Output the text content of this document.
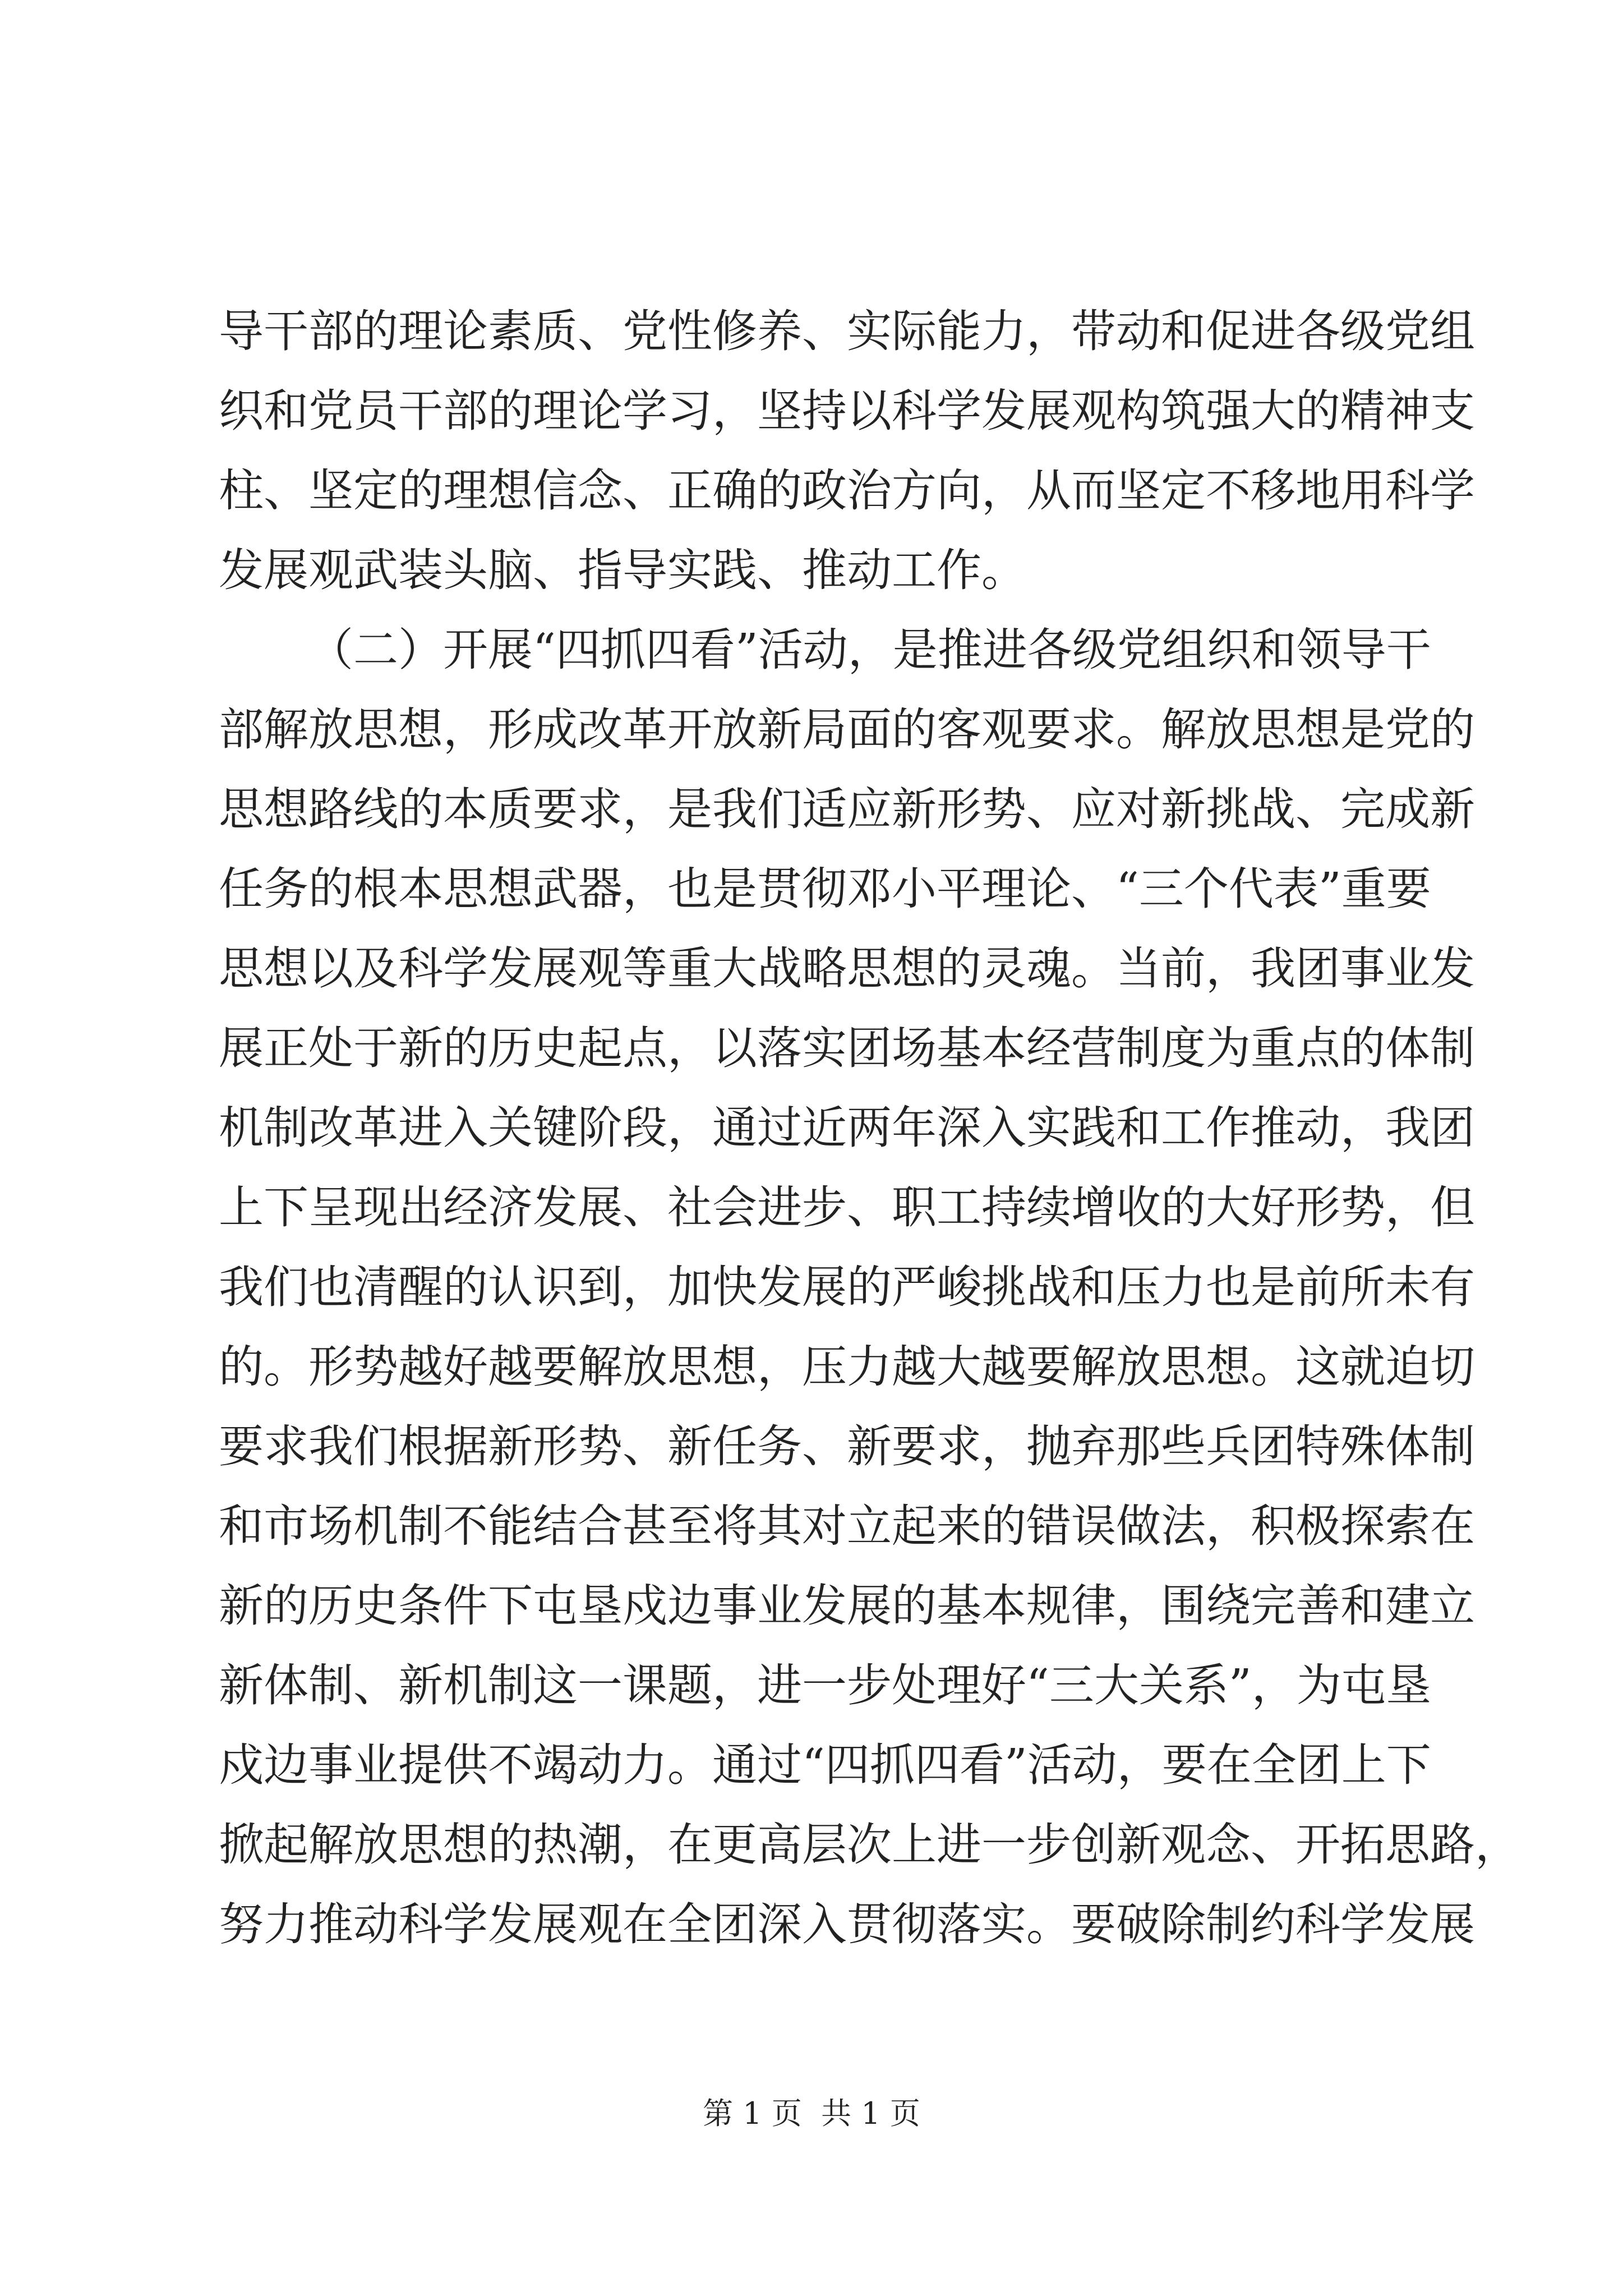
导干部的理论素质、党性修养、实际能力，带动和促进各级党组
织和党员干部的理论学习，坚持以科学发展观构筑强大的精神支
柱、坚定的理想信念、正确的政治方向，从而坚定不移地用科学
发展观武装头脑、指导实践、推动工作。
（二）开展“四抓四看”活动，是推进各级党组织和领导干
部解放思想，形成改革开放新局面的客观要求。解放思想是党的
思想路线的本质要求，是我们适应新形势、应对新挑战、完成新
任务的根本思想武器，也是贯彻邓小平理论、“三个代表”重要
思想以及科学发展观等重大战略思想的灵魂。当前，我团事业发
展正处于新的历史起点，以落实团场基本经营制度为重点的体制
机制改革进入关键阶段，通过近两年深入实践和工作推动，我团
上下呈现出经济发展、社会进步、职工持续增收的大好形势，但
我们也清醒的认识到，加快发展的严峻挑战和压力也是前所未有
的。形势越好越要解放思想，压力越大越要解放思想。这就迫切
要求我们根据新形势、新任务、新要求，抛弃那些兵团特殊体制
和市场机制不能结合甚至将其对立起来的错误做法，积极探索在
新的历史条件下屯垦戍边事业发展的基本规律，围绕完善和建立
新体制、新机制这一课题，进一步处理好“三大关系”，为屯垦
戍边事业提供不竭动力。通过“四抓四看”活动，要在全团上下
掀起解放思想的热潮，在更高层次上进一步创新观念、开拓思路，
努力推动科学发展观在全团深入贯彻落实。要破除制约科学发展
第 1 页  共 1 页
